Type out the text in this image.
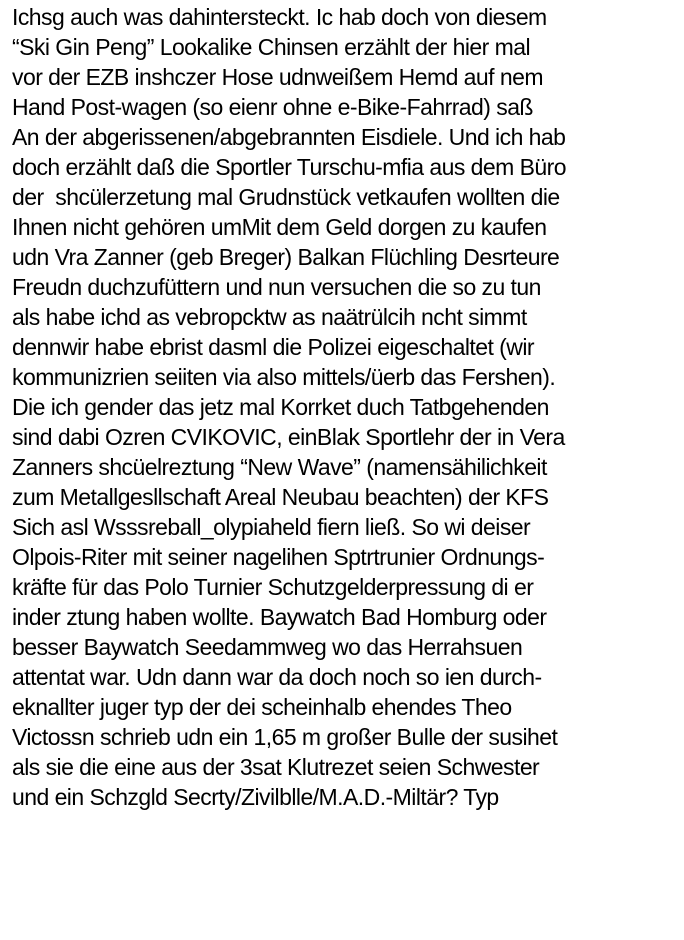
Ichsg auch was dahintersteckt. Ic hab doch von diesem
“Ski Gin Peng” Lookalike Chinsen erzählt der hier mal
vor der EZB inshczer Hose udnweißem Hemd auf nem
Hand Post-wagen (so eienr ohne e-Bike-Fahrrad) saß
An der abgerissenen/abgebrannten Eisdiele. Und ich hab
doch erzählt daß die Sportler Turschu-mfia aus dem Büro
der  shcülerzetung mal Grudnstück vetkaufen wollten die
Ihnen nicht gehören umMit dem Geld dorgen zu kaufen
udn Vra Zanner (geb Breger) Balkan Flüchling Desrteure
Freudn duchzufüttern und nun versuchen die so zu tun
als habe ichd as vebropcktw as naätrülcih ncht simmt
dennwir habe ebrist dasml die Polizei eigeschaltet (wir
kommunizrien seiiten via also mittels/üerb das Fershen).
Die ich gender das jetz mal Korrket duch Tatbgehenden
sind dabi Ozren CVIKOVIC, einBlak Sportlehr der in Vera
Zanners shcüelreztung “New Wave” (namensähilichkeit
zum Metallgesllschaft Areal Neubau beachten) der KFS
Sich asl Wsssreball_olypiaheld fiern ließ. So wi deiser
Olpois-Riter mit seiner nagelihen Sptrtrunier Ordnungs-
kräfte für das Polo Turnier Schutzgelderpressung di er
inder ztung haben wollte. Baywatch Bad Homburg oder
besser Baywatch Seedammweg wo das Herrahsuen
attentat war. Udn dann war da doch noch so ien durch-
eknallter juger typ der dei scheinhalb ehendes Theo
Victossn schrieb udn ein 1,65 m großer Bulle der susihet
als sie die eine aus der 3sat Klutrezet seien Schwester
und ein Schzgld Secrty/Zivilblle/M.A.D.-Miltär? Typ
